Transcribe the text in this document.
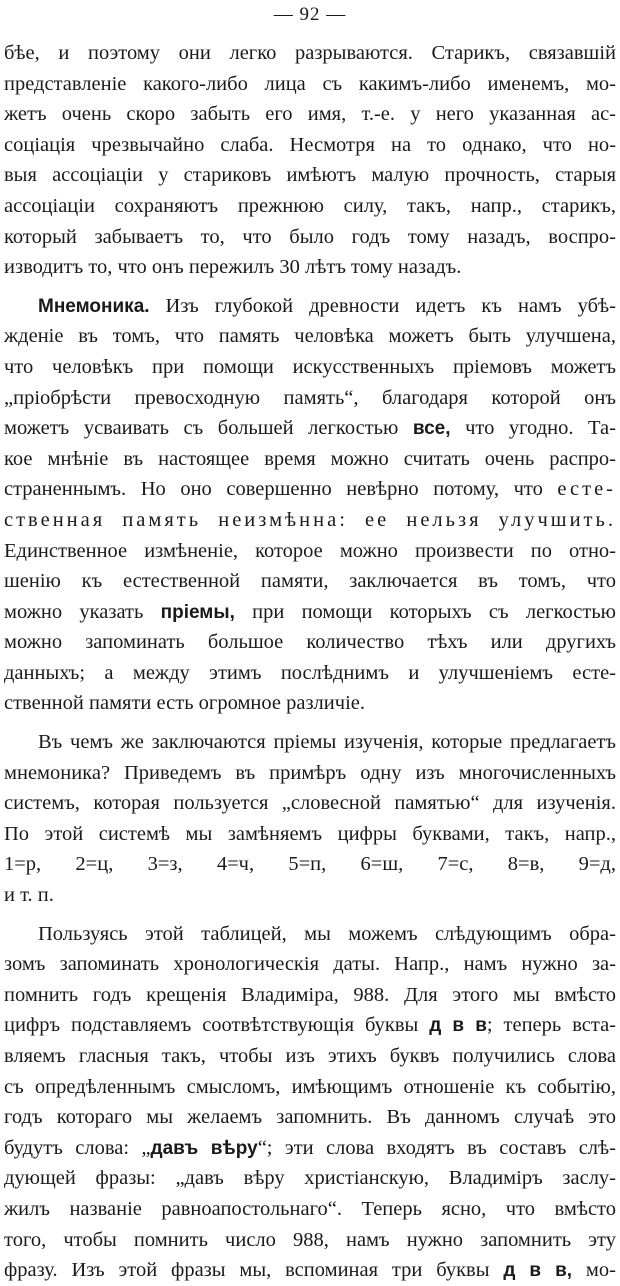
— 92 —
бѣе, и поэтому они легко разрываются. Старикъ, связавшій
представленіе какого-либо лица съ какимъ-либо именемъ, мо-
жетъ очень скоро забыть его имя, т.-е. у него указанная ас-
соціація чрезвычайно слаба. Несмотря на то однако, что но-
выя ассоціаціи у стариковъ имѣютъ малую прочность, старыя
ассоціаціи сохраняютъ прежнюю силу, такъ, напр., старикъ,
который забываетъ то, что было годъ тому назадъ, воспро-
изводитъ то, что онъ пережилъ 30 лѣтъ тому назадъ.
Мнемоника. Изъ глубокой древности идетъ къ намъ убѣ-
жденіе въ томъ, что память человѣка можетъ быть улучшена,
что человѣкъ при помощи искусственныхъ пріемовъ можетъ
„пріобрѣсти превосходную память“, благодаря которой онъ
можетъ усваивать съ большей легкостью все, что угодно. Та-
кое мнѣніе въ настоящее время можно считать очень распро-
страненнымъ. Но оно совершенно невѣрно потому, что есте-
ственная память неизмѣнна: ее нельзя улучшить.
Единственное измѣненіе, которое можно произвести по отно-
шенію къ естественной памяти, заключается въ томъ, что
можно указать пріемы, при помощи которыхъ съ легкостью
можно запоминать большое количество тѣхъ или другихъ
данныхъ; а между этимъ послѣднимъ и улучшеніемъ есте-
ственной памяти есть огромное различіе.
Въ чемъ же заключаются пріемы изученія, которые предлагаетъ
мнемоника? Приведемъ въ примѣръ одну изъ многочисленныхъ
системъ, которая пользуется „словесной памятью“ для изученія.
По этой системѣ мы замѣняемъ цифры буквами, такъ, напр.,
1=р, 2=ц, 3=з, 4=ч, 5=п, 6=ш, 7=с, 8=в, 9=д,
и т. п.
Пользуясь этой таблицей, мы можемъ слѣдующимъ обра-
зомъ запоминать хронологическія даты. Напр., намъ нужно за-
помнить годъ крещенія Владиміра, 988. Для этого мы вмѣсто
цифръ подставляемъ соотвѣтствующія буквы д в в; теперь вста-
вляемъ гласныя такъ, чтобы изъ этихъ буквъ получились слова
съ опредѣленнымъ смысломъ, имѣющимъ отношеніе къ событію,
годъ котораго мы желаемъ запомнить. Въ данномъ случаѣ это
будутъ слова: „давъ вѣру“; эти слова входятъ въ составъ слѣ-
дующей фразы: „давъ вѣру христіанскую, Владиміръ заслу-
жилъ названіе равноапостольнаго“. Теперь ясно, что вмѣсто
того, чтобы помнить число 988, намъ нужно запомнить эту
фразу. Изъ этой фразы мы, вспоминая три буквы д в в, мо-
